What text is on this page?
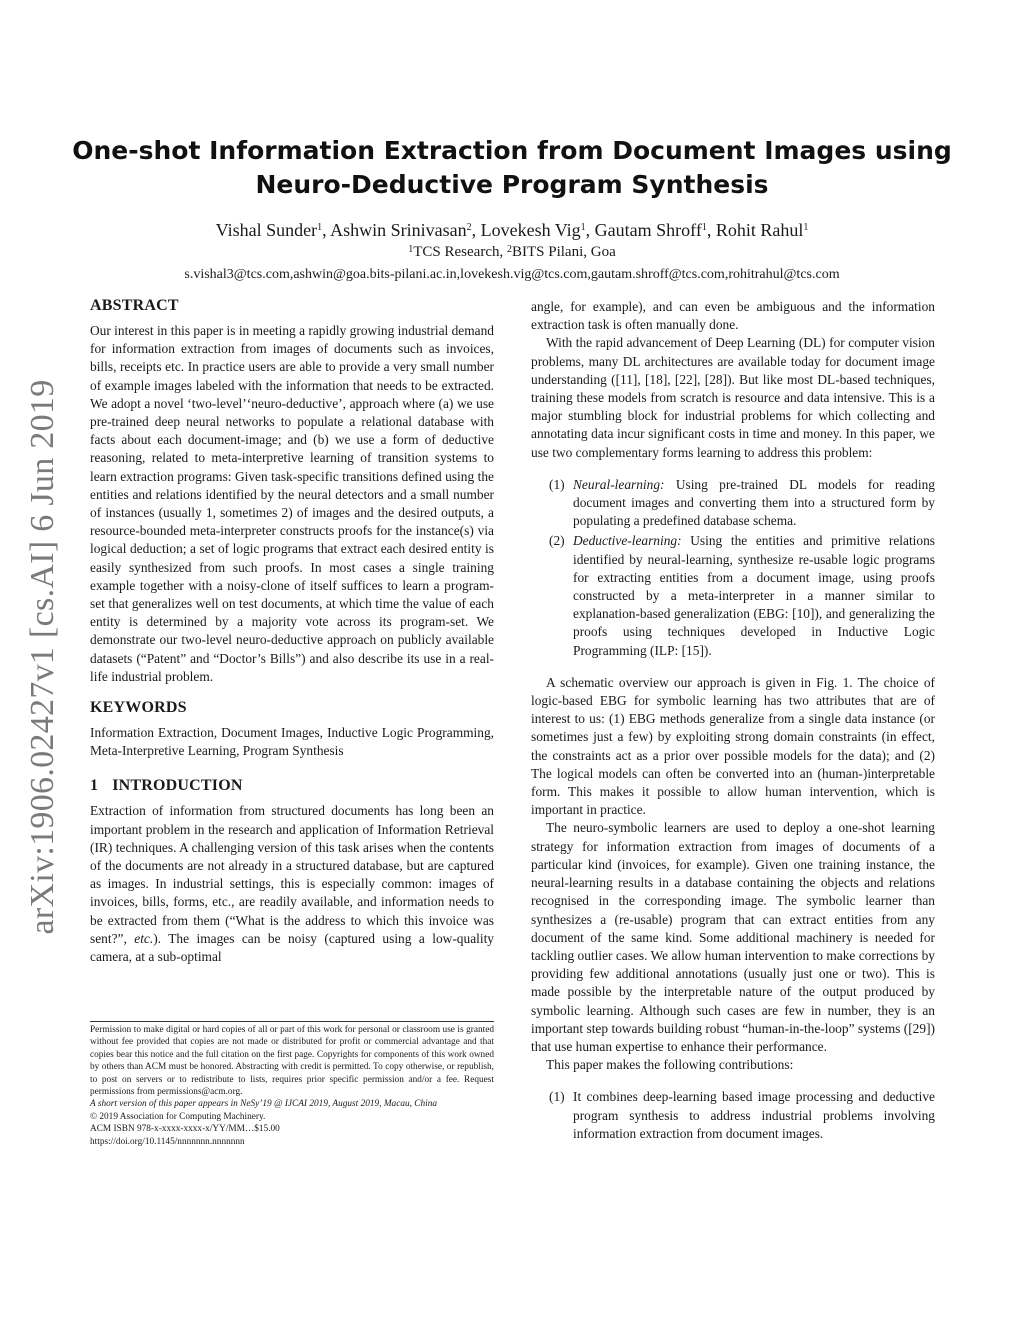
arXiv:1906.02427v1 [cs.AI] 6 Jun 2019
One-shot Information Extraction from Document Images using
Neuro-Deductive Program Synthesis
Vishal Sunder$^1$, Ashwin Srinivasan$^2$, Lovekesh Vig$^1$, Gautam Shroff$^1$, Rohit Rahul$^1$
$^1$TCS Research, $^2$BITS Pilani, Goa
s.vishal3@tcs.com,ashwin@goa.bits-pilani.ac.in,lovekesh.vig@tcs.com,gautam.shroff@tcs.com,rohitrahul@tcs.com
ABSTRACT

Our interest in this paper is in meeting a rapidly growing industrial demand for information extraction from images of documents such as invoices, bills, receipts etc. In practice users are able to provide a very small number of example images labeled with the information that needs to be extracted. We adopt a novel ‘two-level’‘neuro-deductive’, approach where (a) we use pre-trained deep neural networks to populate a relational database with facts about each document-image; and (b) we use a form of deductive reasoning, related to meta-interpretive learning of transition systems to learn extraction programs: Given task-specific transitions defined using the entities and relations identified by the neural detectors and a small number of instances (usually 1, sometimes 2) of images and the desired outputs, a resource-bounded meta-interpreter constructs proofs for the instance(s) via logical deduction; a set of logic programs that extract each desired entity is easily synthesized from such proofs. In most cases a single training example together with a noisy-clone of itself suffices to learn a program-set that generalizes well on test documents, at which time the value of each entity is determined by a majority vote across its program-set. We demonstrate our two-level neuro-deductive approach on publicly available datasets (“Patent” and “Doctor’s Bills”) and also describe its use in a real-life industrial problem.

KEYWORDS

Information Extraction, Document Images, Inductive Logic Programming, Meta-Interpretive Learning, Program Synthesis

1 INTRODUCTION

Extraction of information from structured documents has long been an important problem in the research and application of Information Retrieval (IR) techniques. A challenging version of this task arises when the contents of the documents are not already in a structured database, but are captured as images. In industrial settings, this is especially common: images of invoices, bills, forms, etc., are readily available, and information needs to be extracted from them (“What is the address to which this invoice was sent?”, etc.). The images can be noisy (captured using a low-quality camera, at a sub-optimal

Permission to make digital or hard copies of all or part of this work for personal or classroom use is granted without fee provided that copies are not made or distributed for profit or commercial advantage and that copies bear this notice and the full citation on the first page. Copyrights for components of this work owned by others than ACM must be honored. Abstracting with credit is permitted. To copy otherwise, or republish, to post on servers or to redistribute to lists, requires prior specific permission and/or a fee. Request permissions from permissions@acm.org.

A short version of this paper appears in NeSy’19 @ IJCAI 2019, August 2019, Macau, China

© 2019 Association for Computing Machinery.

ACM ISBN 978-x-xxxx-xxxx-x/YY/MM…$15.00

https://doi.org/10.1145/nnnnnnn.nnnnnnn

angle, for example), and can even be ambiguous and the information extraction task is often manually done.

With the rapid advancement of Deep Learning (DL) for computer vision problems, many DL architectures are available today for document image understanding ([11], [18], [22], [28]). But like most DL-based techniques, training these models from scratch is resource and data intensive. This is a major stumbling block for industrial problems for which collecting and annotating data incur significant costs in time and money. In this paper, we use two complementary forms learning to address this problem:

(1) Neural-learning: Using pre-trained DL models for reading document images and converting them into a structured form by populating a predefined database schema.
(2) Deductive-learning: Using the entities and primitive relations identified by neural-learning, synthesize re-usable logic programs for extracting entities from a document image, using proofs constructed by a meta-interpreter in a manner similar to explanation-based generalization (EBG: [10]), and generalizing the proofs using techniques developed in Inductive Logic Programming (ILP: [15]).

A schematic overview our approach is given in Fig. 1. The choice of logic-based EBG for symbolic learning has two attributes that are of interest to us: (1) EBG methods generalize from a single data instance (or sometimes just a few) by exploiting strong domain constraints (in effect, the constraints act as a prior over possible models for the data); and (2) The logical models can often be converted into an (human-)interpretable form. This makes it possible to allow human intervention, which is important in practice.

The neuro-symbolic learners are used to deploy a one-shot learning strategy for information extraction from images of documents of a particular kind (invoices, for example). Given one training instance, the neural-learning results in a database containing the objects and relations recognised in the corresponding image. The symbolic learner than synthesizes a (re-usable) program that can extract entities from any document of the same kind. Some additional machinery is needed for tackling outlier cases. We allow human intervention to make corrections by providing few additional annotations (usually just one or two). This is made possible by the interpretable nature of the output produced by symbolic learning. Although such cases are few in number, they is an important step towards building robust “human-in-the-loop” systems ([29]) that use human expertise to enhance their performance.

This paper makes the following contributions:

(1) It combines deep-learning based image processing and deductive program synthesis to address industrial problems involving information extraction from document images.
